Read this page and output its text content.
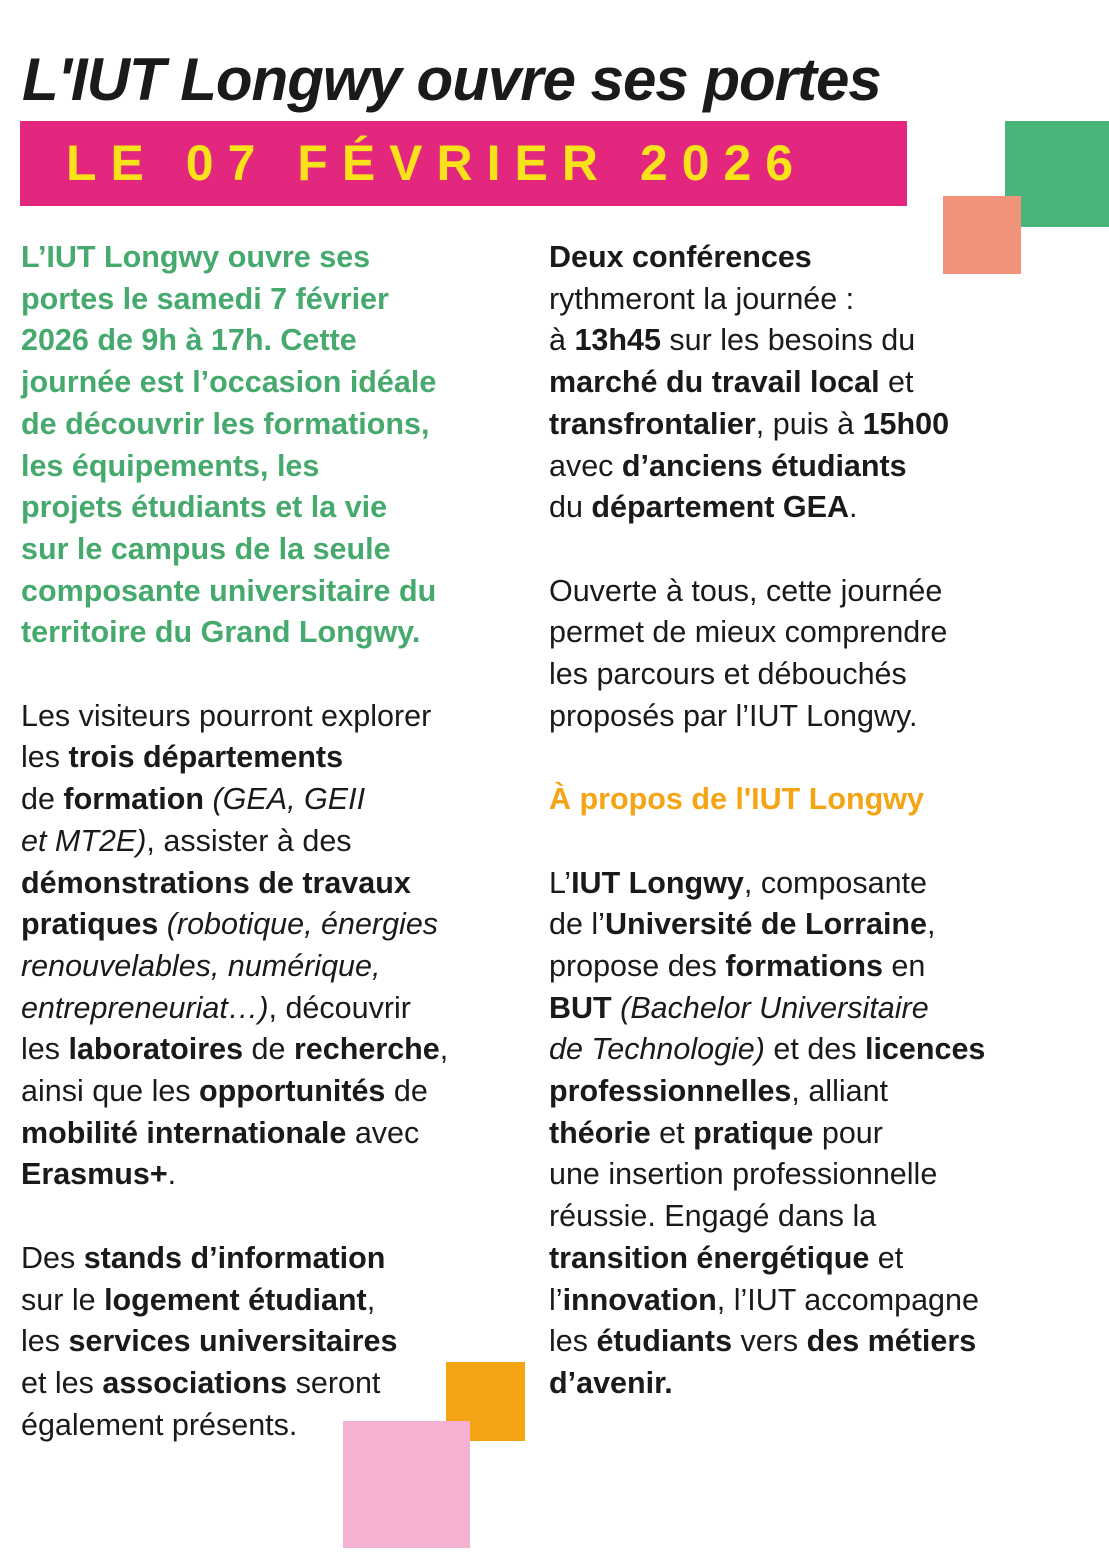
L'IUT Longwy ouvre ses portes
LE 07 FÉVRIER 2026

L’IUT Longwy ouvre ses

portes le samedi 7 février

2026 de 9h à 17h. Cette

journée est l’occasion idéale

de découvrir les formations,

les équipements, les

projets étudiants et la vie

sur le campus de la seule

composante universitaire du

territoire du Grand Longwy.

Les visiteurs pourront explorer

les trois départements

de formation (GEA, GEII

et MT2E), assister à des

démonstrations de travaux

pratiques (robotique, énergies

renouvelables, numérique,

entrepreneuriat…), découvrir

les laboratoires de recherche,

ainsi que les opportunités de

mobilité internationale avec

Erasmus+.

Des stands d’information

sur le logement étudiant,

les services universitaires

et les associations seront

également présents.

Deux conférences

rythmeront la journée :

à 13h45 sur les besoins du

marché du travail local et

transfrontalier, puis à 15h00

avec d’anciens étudiants

du département GEA.

Ouverte à tous, cette journée

permet de mieux comprendre

les parcours et débouchés

proposés par l’IUT Longwy.

À propos de l'IUT Longwy

L’IUT Longwy, composante

de l’Université de Lorraine,

propose des formations en

BUT (Bachelor Universitaire

de Technologie) et des licences

professionnelles, alliant

théorie et pratique pour

une insertion professionnelle

réussie. Engagé dans la

transition énergétique et

l’innovation, l’IUT accompagne

les étudiants vers des métiers

d’avenir.
